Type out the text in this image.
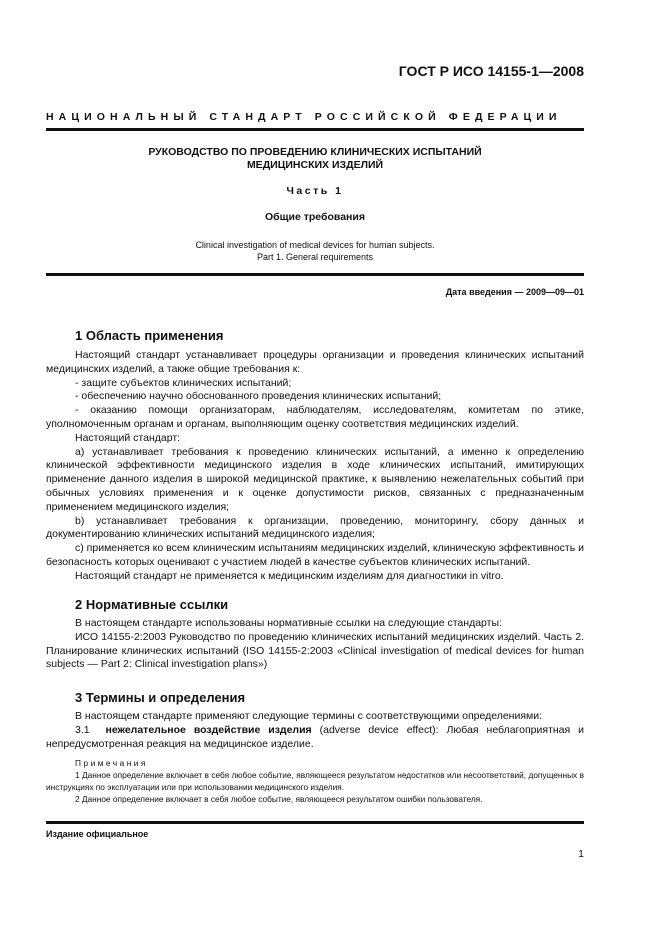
ГОСТ Р ИСО 14155-1—2008
НАЦИОНАЛЬНЫЙ СТАНДАРТ РОССИЙСКОЙ ФЕДЕРАЦИИ
РУКОВОДСТВО ПО ПРОВЕДЕНИЮ КЛИНИЧЕСКИХ ИСПЫТАНИЙ
МЕДИЦИНСКИХ ИЗДЕЛИЙ
Часть 1
Общие требования
Clinical investigation of medical devices for human subjects.
Part 1. General requirements
Дата введения — 2009—09—01
1 Область применения

Настоящий стандарт устанавливает процедуры организации и проведения клинических испытаний медицинских изделий, а также общие требования к:

- защите субъектов клинических испытаний;

- обеспечению научно обоснованного проведения клинических испытаний;

- оказанию помощи организаторам, наблюдателям, исследователям, комитетам по этике, уполномоченным органам и органам, выполняющим оценку соответствия медицинских изделий.

Настоящий стандарт:

a) устанавливает требования к проведению клинических испытаний, а именно к определению клинической эффективности медицинского изделия в ходе клинических испытаний, имитирующих применение данного изделия в широкой медицинской практике, к выявлению нежелательных событий при обычных условиях применения и к оценке допустимости рисков, связанных с предназначенным применением медицинского изделия;

b) устанавливает требования к организации, проведению, мониторингу, сбору данных и документированию клинических испытаний медицинского изделия;

c) применяется ко всем клиническим испытаниям медицинских изделий, клиническую эффективность и безопасность которых оценивают с участием людей в качестве субъектов клинических испытаний.

Настоящий стандарт не применяется к медицинским изделиям для диагностики in vitro.

2 Нормативные ссылки

В настоящем стандарте использованы нормативные ссылки на следующие стандарты:

ИСО 14155-2:2003 Руководство по проведению клинических испытаний медицинских изделий. Часть 2. Планирование клинических испытаний (ISO 14155-2:2003 «Clinical investigation of medical devices for human subjects — Part 2: Clinical investigation plans»)

3 Термины и определения

В настоящем стандарте применяют следующие термины с соответствующими определениями:

3.1 нежелательное воздействие изделия (adverse device effect): Любая неблагоприятная и непредусмотренная реакция на медицинское изделие.

Примечания

1 Данное определение включает в себя любое событие, являющееся результатом недостатков или несоответствий, допущенных в инструкциях по эксплуатации или при использовании медицинского изделия.

2 Данное определение включает в себя любое событие, являющееся результатом ошибки пользователя.

Издание официальное
1
